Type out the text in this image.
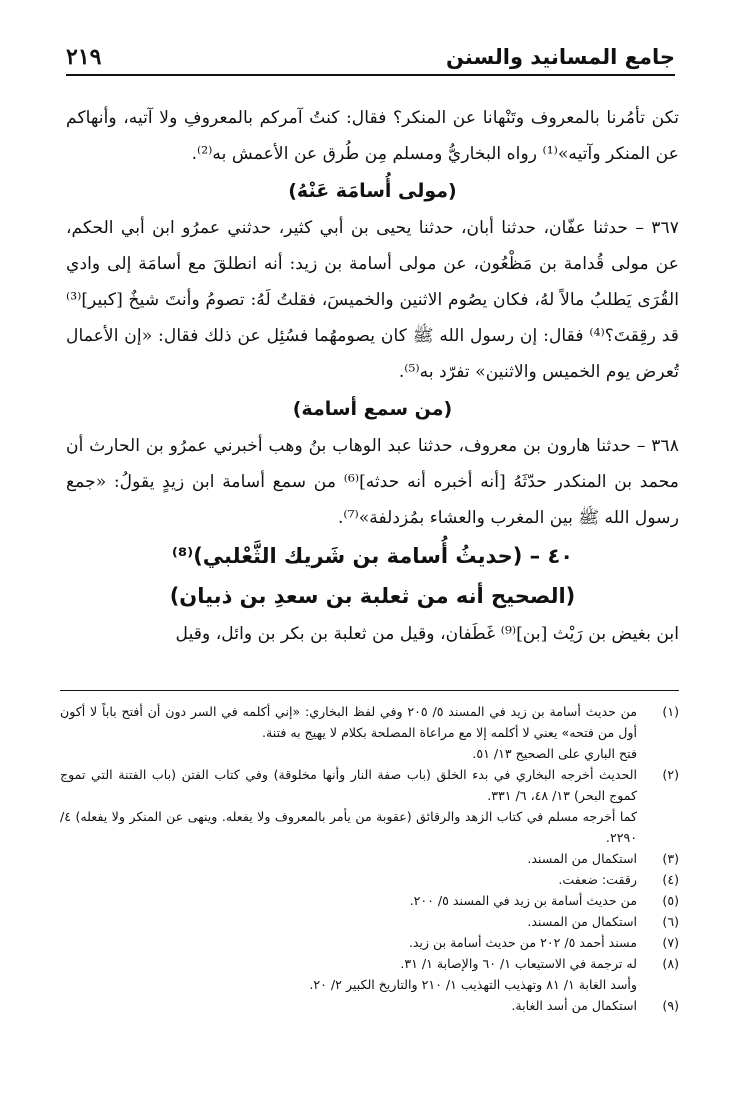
جامع المسانيد والسنن
٢١٩

تكن تأمُرنا بالمعروف وتَنْهانا عن المنكر؟ فقال: كنتُ آمركم بالمعروفِ ولا آتيه، وأنهاكم عن المنكر وآتيه»⁽¹⁾ رواه البخاريُّ ومسلم مِن طُرق عن الأعمش به⁽²⁾.

(مولى أُسامَة عَنْهُ)

٣٦٧ – حدثنا عفّان، حدثنا أبان، حدثنا يحيى بن أبي كثير، حدثني عمرُو ابن أبي الحكم، عن مولى قُدامة بن مَظْعُون، عن مولى أسامة بن زيد: أنه انطلقَ مع أسامَة إلى وادي القُرَى يَطلبُ مالاً لهُ، فكان يصُوم الاثنين والخميسَ، فقلتُ لَهُ: تصومُ وأنتَ شيخٌ [كبير]⁽³⁾ قد رقِقتَ؟⁽⁴⁾ فقال: إن رسول الله ﷺ كان يصومهُما فسُئِل عن ذلك فقال: «إن الأعمال تُعرض يوم الخميس والاثنين» تفرّد به⁽⁵⁾.

(من سمع أسامة)

٣٦٨ – حدثنا هارون بن معروف، حدثنا عبد الوهاب بنُ وهب أخبرني عمرُو بن الحارث أن محمد بن المنكدر حدّثَهُ [أنه أخبره أنه حدثه]⁽⁶⁾ من سمع أسامة ابن زيدٍ يقولُ: «جمع رسول الله ﷺ بين المغرب والعشاء بمُزدلفة»⁽⁷⁾.

٤٠ – (حديثُ أُسامة بن شَريك الثَّعْلبي)⁽⁸⁾

(الصحيح أنه من ثعلبة بن سعدِ بن ذبيان)

ابن بغيض بن رَيْث [بن]⁽⁹⁾ غَطَفان، وقيل من ثعلبة بن بكر بن وائل، وقيل

(١)
من حديث أسامة بن زيد في المسند ٥/ ٢٠٥ وفي لفظ البخاري: «إني أكلمه في السر دون أن أفتح باباً لا أكون أول من فتحه» يعني لا أكلمه إلا مع مراعاة المصلحة بكلام لا يهيج به فتنة.
فتح الباري على الصحيح ١٣/ ٥١.
(٢)
الحديث أخرجه البخاري في بدء الخلق (باب صفة النار وأنها مخلوقة) وفي كتاب الفتن (باب الفتنة التي تموج كموج البحر) ١٣/ ٤٨، ٦/ ٣٣١.
كما أخرجه مسلم في كتاب الزهد والرقائق (عقوبة من يأمر بالمعروف ولا يفعله. وينهى عن المنكر ولا يفعله) ٤/ ٢٢٩٠.
(٣)
استكمال من المسند.
(٤)
رققت: ضعفت.
(٥)
من حديث أسامة بن زيد في المسند ٥/ ٢٠٠.
(٦)
استكمال من المسند.
(٧)
مسند أحمد ٥/ ٢٠٢ من حديث أسامة بن زيد.
(٨)
له ترجمة في الاستيعاب ١/ ٦٠ والإصابة ١/ ٣١.
وأسد الغابة ١/ ٨١ وتهذيب التهذيب ١/ ٢١٠ والتاريخ الكبير ٢/ ٢٠.
(٩)
استكمال من أسد الغابة.
